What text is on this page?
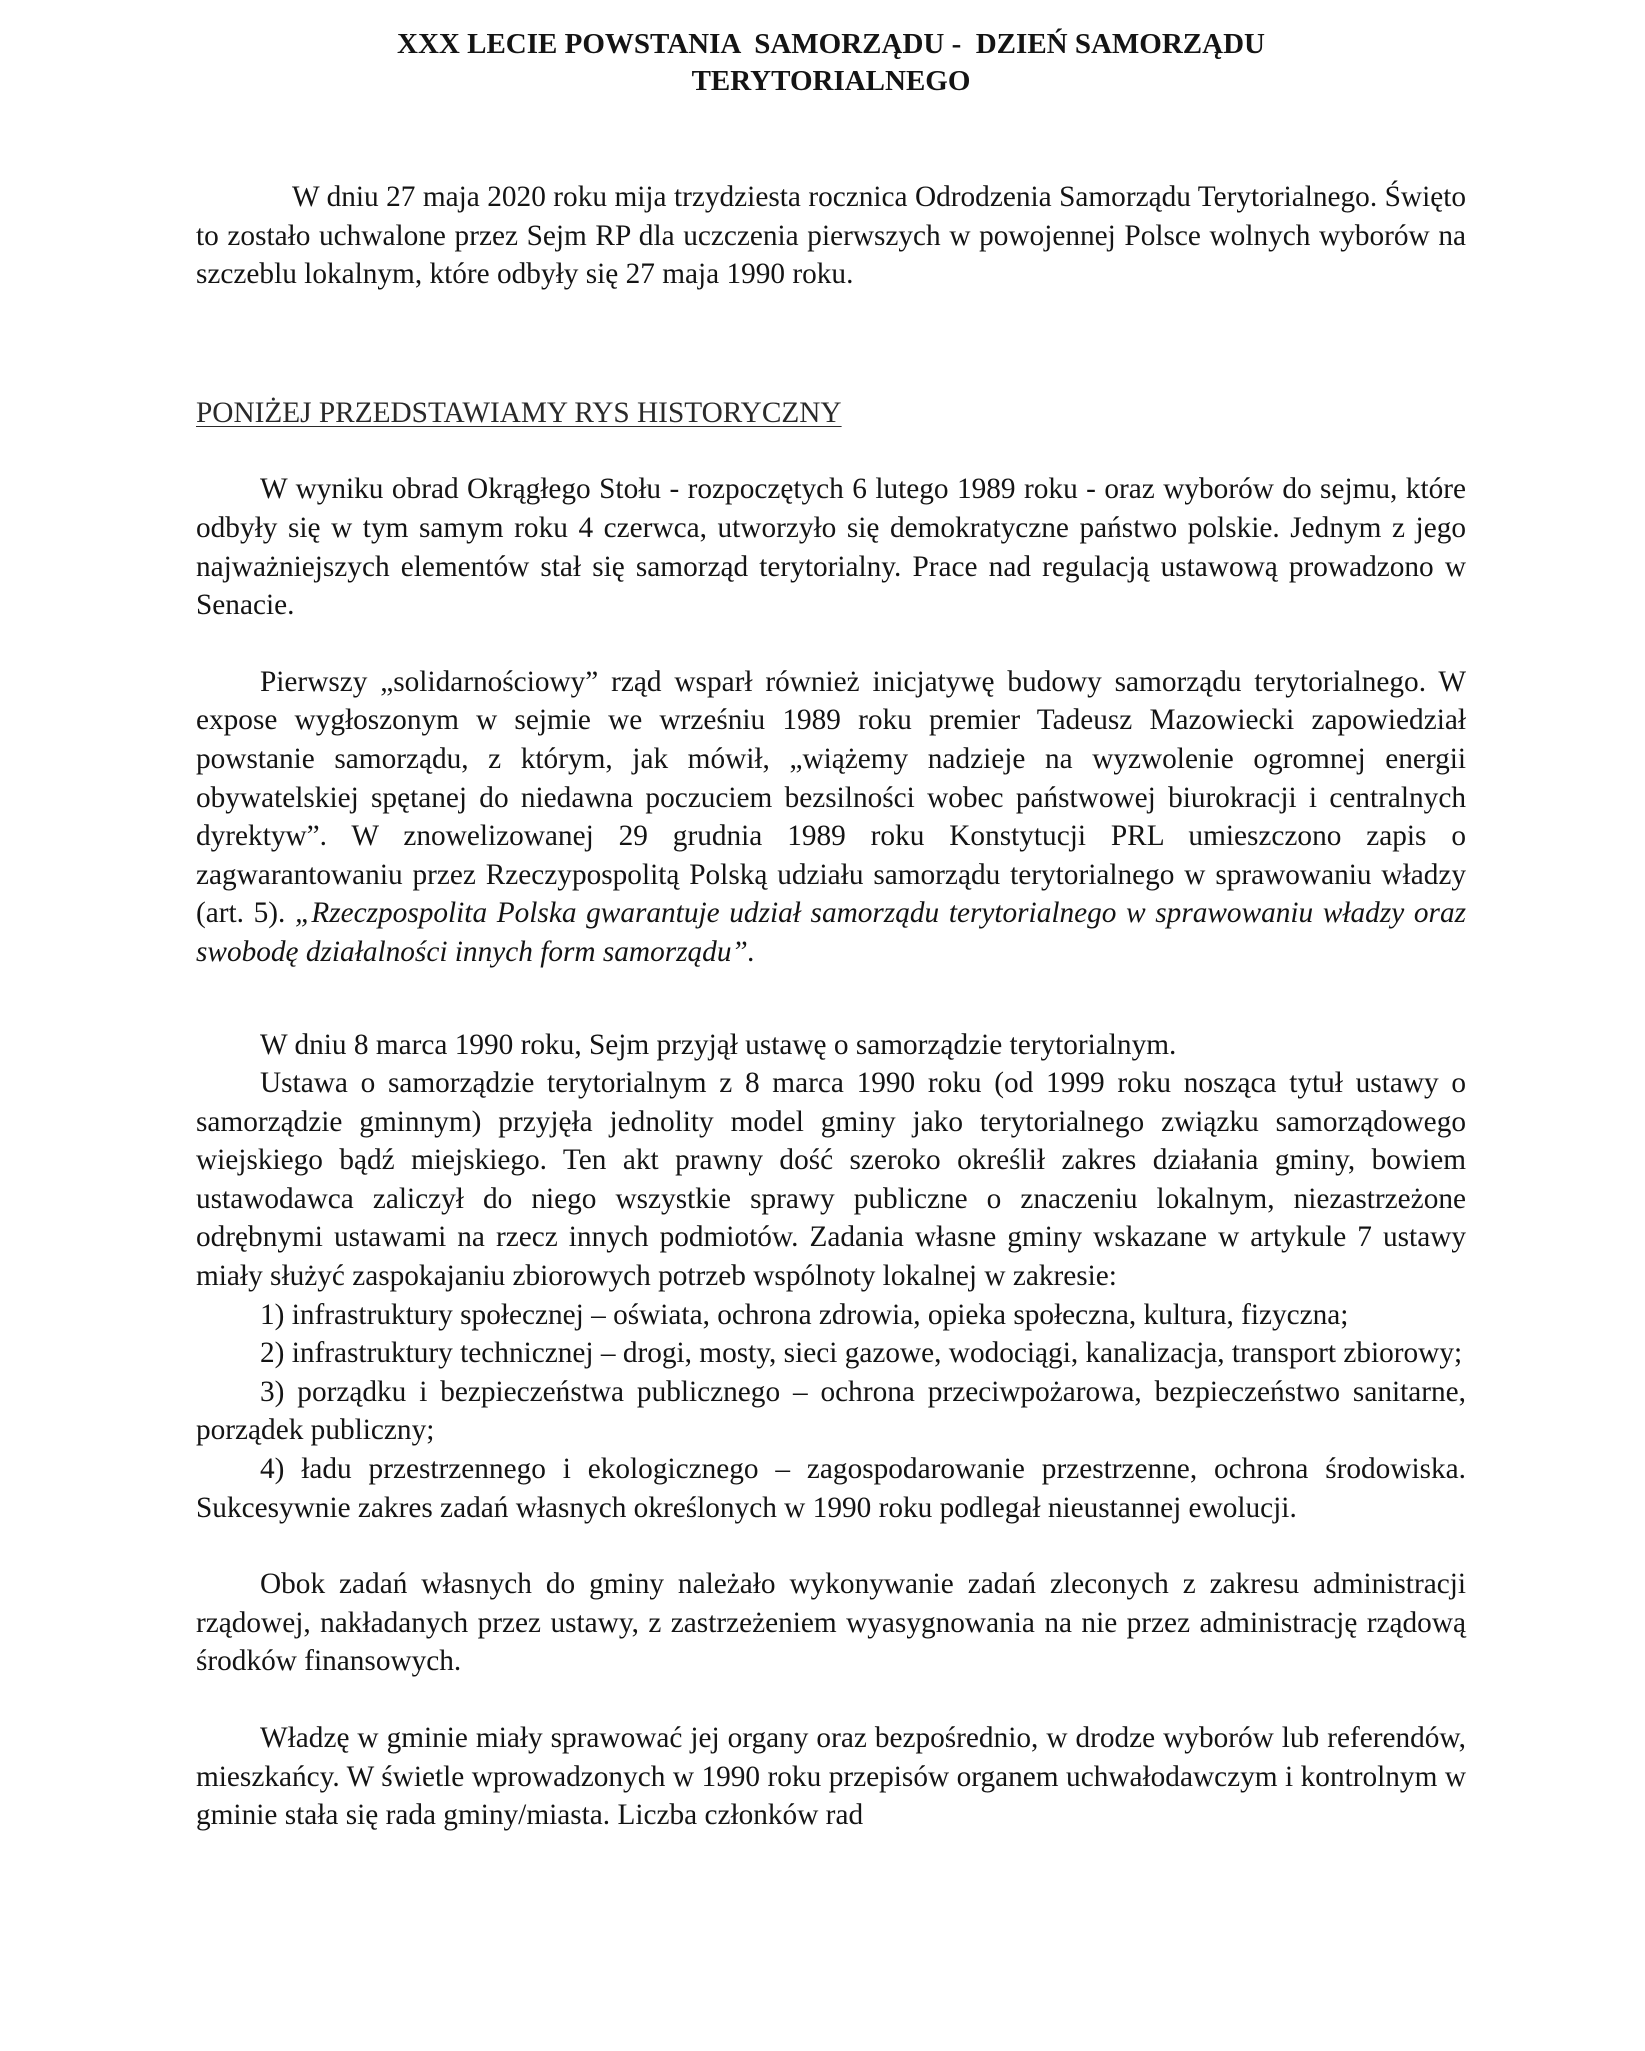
XXX LECIE POWSTANIA  SAMORZĄDU -  DZIEŃ SAMORZĄDU
TERYTORIALNEGO

W dniu 27 maja 2020 roku mija trzydziesta rocznica Odrodzenia Samorządu Terytorialnego. Święto to zostało uchwalone przez Sejm RP dla uczczenia pierwszych w powojennej Polsce wolnych wyborów na szczeblu lokalnym, które odbyły się 27 maja 1990 roku.

PONIŻEJ PRZEDSTAWIAMY RYS HISTORYCZNY

W wyniku obrad Okrągłego Stołu - rozpoczętych 6 lutego 1989 roku - oraz wyborów do sejmu, które odbyły się w tym samym roku 4 czerwca, utworzyło się demokratyczne państwo polskie. Jednym z jego najważniejszych elementów stał się samorząd terytorialny. Prace nad regulacją ustawową prowadzono w Senacie.

Pierwszy „solidarnościowy” rząd wsparł również inicjatywę budowy samorządu terytorialnego. W expose wygłoszonym w sejmie we wrześniu 1989 roku premier Tadeusz Mazowiecki zapowiedział powstanie samorządu, z którym, jak mówił, „wiążemy nadzieje na wyzwolenie ogromnej energii obywatelskiej spętanej do niedawna poczuciem bezsilności wobec państwowej biurokracji i centralnych dyrektyw”. W znowelizowanej 29 grudnia 1989 roku Konstytucji PRL umieszczono zapis o zagwarantowaniu przez Rzeczypospolitą Polską udziału samorządu terytorialnego w sprawowaniu władzy (art. 5). „Rzeczpospolita Polska gwarantuje udział samorządu terytorialnego w sprawowaniu władzy oraz swobodę działalności innych form samorządu”.

W dniu 8 marca 1990 roku, Sejm przyjął ustawę o samorządzie terytorialnym.

Ustawa o samorządzie terytorialnym z 8 marca 1990 roku (od 1999 roku nosząca tytuł ustawy o samorządzie gminnym) przyjęła jednolity model gminy jako terytorialnego związku samorządowego wiejskiego bądź miejskiego. Ten akt prawny dość szeroko określił zakres działania gminy, bowiem ustawodawca zaliczył do niego wszystkie sprawy publiczne o znaczeniu lokalnym, niezastrzeżone odrębnymi ustawami na rzecz innych podmiotów. Zadania własne gminy wskazane w artykule 7 ustawy miały służyć zaspokajaniu zbiorowych potrzeb wspólnoty lokalnej w zakresie:

1) infrastruktury społecznej – oświata, ochrona zdrowia, opieka społeczna, kultura, fizyczna;

2) infrastruktury technicznej – drogi, mosty, sieci gazowe, wodociągi, kanalizacja, transport zbiorowy;

3) porządku i bezpieczeństwa publicznego – ochrona przeciwpożarowa, bezpieczeństwo sanitarne, porządek publiczny;

4) ładu przestrzennego i ekologicznego – zagospodarowanie przestrzenne, ochrona środowiska. Sukcesywnie zakres zadań własnych określonych w 1990 roku podlegał nieustannej ewolucji.

Obok zadań własnych do gminy należało wykonywanie zadań zleconych z zakresu administracji rządowej, nakładanych przez ustawy, z zastrzeżeniem wyasygnowania na nie przez administrację rządową środków finansowych.

Władzę w gminie miały sprawować jej organy oraz bezpośrednio, w drodze wyborów lub referendów, mieszkańcy. W świetle wprowadzonych w 1990 roku przepisów organem uchwałodawczym i kontrolnym w gminie stała się rada gminy/miasta. Liczba członków rad
